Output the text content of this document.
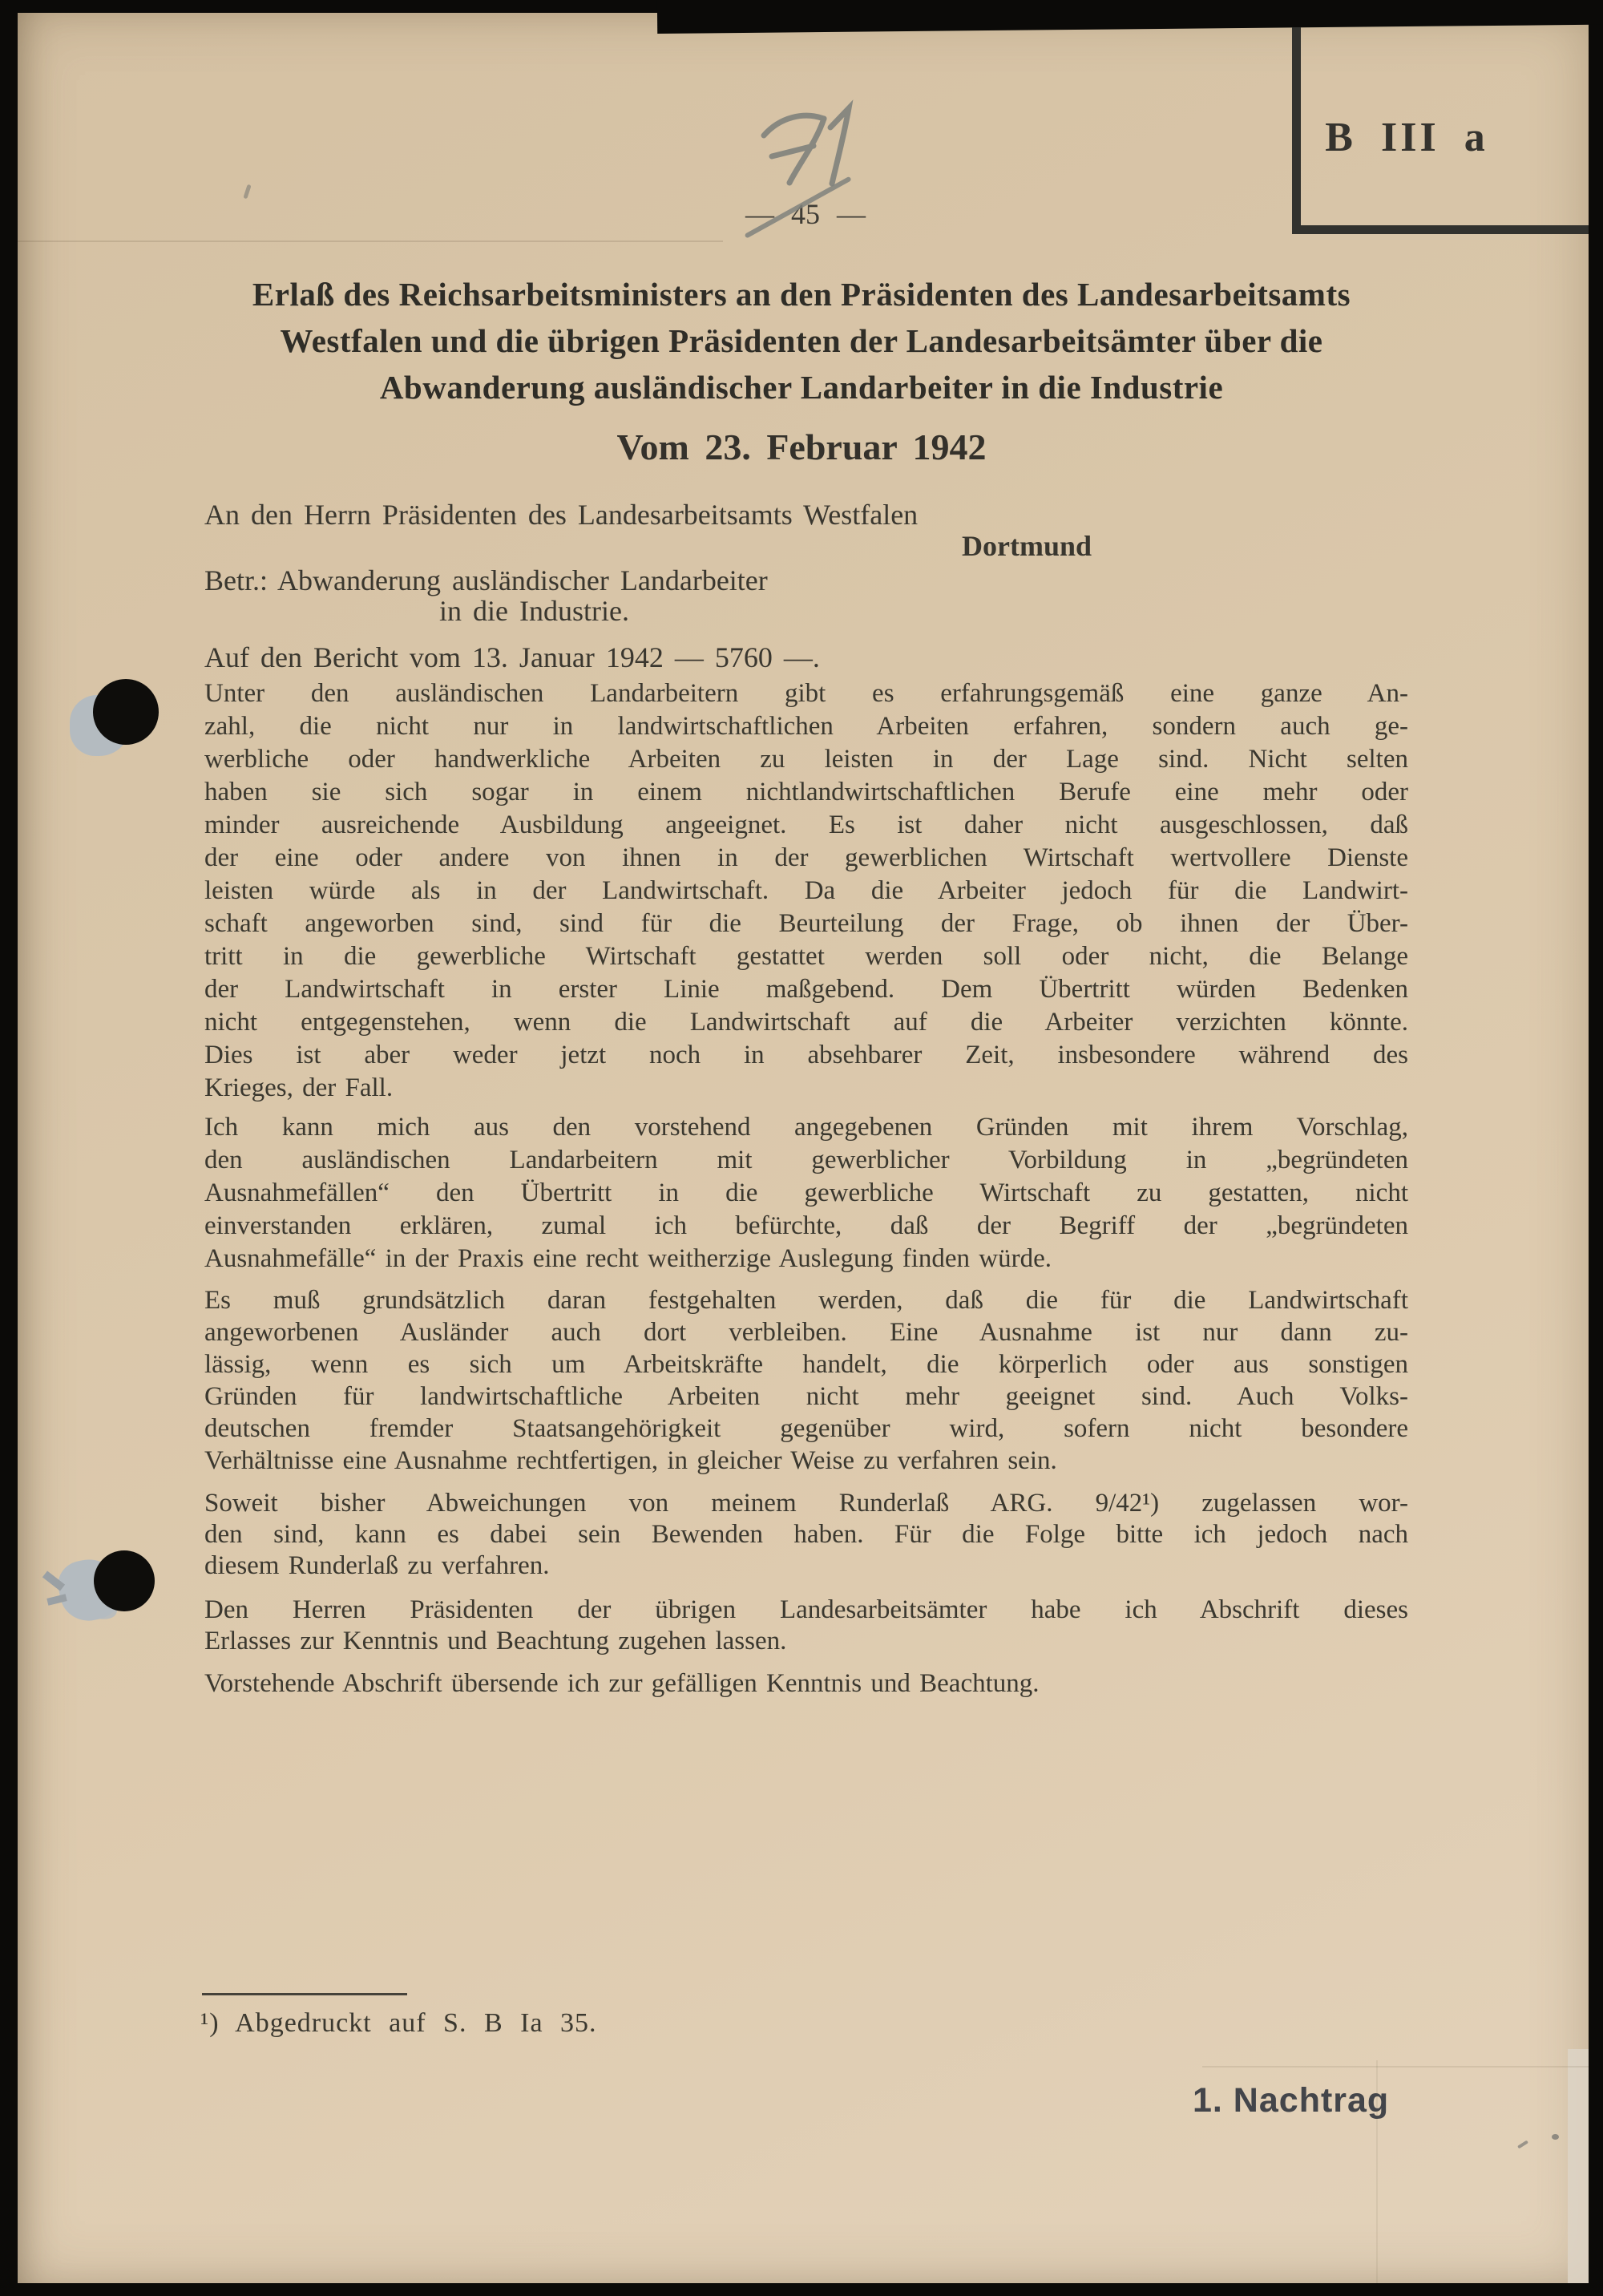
B III a
— 45 —
Erlaß des Reichsarbeitsministers an den Präsidenten des Landesarbeitsamts
Westfalen und die übrigen Präsidenten der Landesarbeitsämter über die
Abwanderung ausländischer Landarbeiter in die Industrie
Vom 23. Februar 1942
An den Herrn Präsidenten des Landesarbeitsamts Westfalen
Dortmund
Betr.: Abwanderung ausländischer Landarbeiter
in die Industrie.
Auf den Bericht vom 13. Januar 1942 — 5760 —.
Unter den ausländischen Landarbeitern gibt es erfahrungsgemäß eine ganze An-
zahl, die nicht nur in landwirtschaftlichen Arbeiten erfahren, sondern auch ge-
werbliche oder handwerkliche Arbeiten zu leisten in der Lage sind. Nicht selten
haben sie sich sogar in einem nichtlandwirtschaftlichen Berufe eine mehr oder
minder ausreichende Ausbildung angeeignet. Es ist daher nicht ausgeschlossen, daß
der eine oder andere von ihnen in der gewerblichen Wirtschaft wertvollere Dienste
leisten würde als in der Landwirtschaft. Da die Arbeiter jedoch für die Landwirt-
schaft angeworben sind, sind für die Beurteilung der Frage, ob ihnen der Über-
tritt in die gewerbliche Wirtschaft gestattet werden soll oder nicht, die Belange
der Landwirtschaft in erster Linie maßgebend. Dem Übertritt würden Bedenken
nicht entgegenstehen, wenn die Landwirtschaft auf die Arbeiter verzichten könnte.
Dies ist aber weder jetzt noch in absehbarer Zeit, insbesondere während des
Krieges, der Fall.
Ich kann mich aus den vorstehend angegebenen Gründen mit ihrem Vorschlag,
den ausländischen Landarbeitern mit gewerblicher Vorbildung in „begründeten
Ausnahmefällen“ den Übertritt in die gewerbliche Wirtschaft zu gestatten, nicht
einverstanden erklären, zumal ich befürchte, daß der Begriff der „begründeten
Ausnahmefälle“ in der Praxis eine recht weitherzige Auslegung finden würde.
Es muß grundsätzlich daran festgehalten werden, daß die für die Landwirtschaft
angeworbenen Ausländer auch dort verbleiben. Eine Ausnahme ist nur dann zu-
lässig, wenn es sich um Arbeitskräfte handelt, die körperlich oder aus sonstigen
Gründen für landwirtschaftliche Arbeiten nicht mehr geeignet sind. Auch Volks-
deutschen fremder Staatsangehörigkeit gegenüber wird, sofern nicht besondere
Verhältnisse eine Ausnahme rechtfertigen, in gleicher Weise zu verfahren sein.
Soweit bisher Abweichungen von meinem Runderlaß ARG. 9/42¹) zugelassen wor-
den sind, kann es dabei sein Bewenden haben. Für die Folge bitte ich jedoch nach
diesem Runderlaß zu verfahren.
Den Herren Präsidenten der übrigen Landesarbeitsämter habe ich Abschrift dieses
Erlasses zur Kenntnis und Beachtung zugehen lassen.
Vorstehende Abschrift übersende ich zur gefälligen Kenntnis und Beachtung.
¹) Abgedruckt auf S. B Ia 35.
1. Nachtrag
